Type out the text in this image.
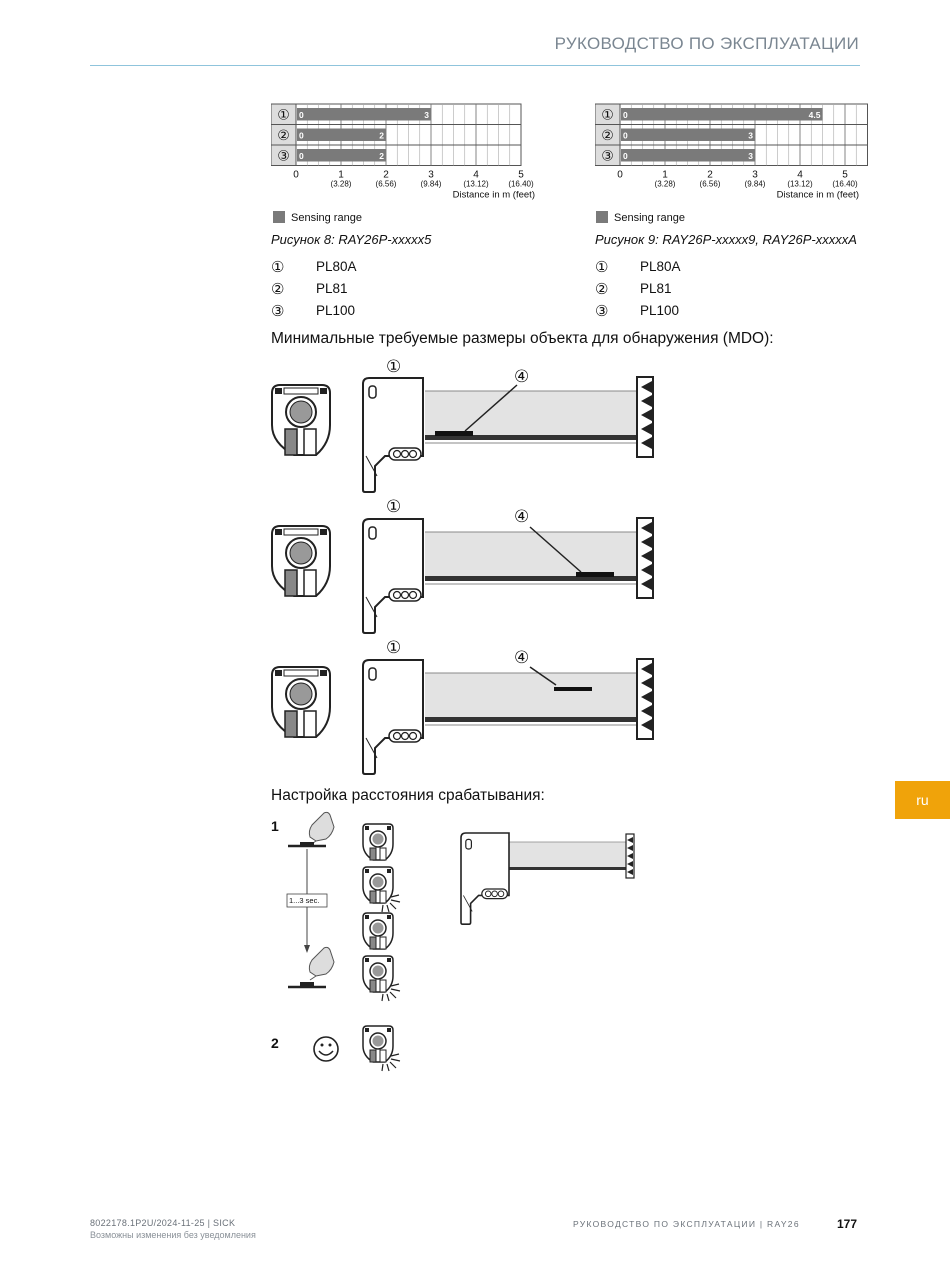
РУКОВОДСТВО ПО ЭКСПЛУАТАЦИИ
① 0	3
② 0	2
③ 0	2
0	1
(3.28)
2
(6.56)
3
(9.84)
4
(13.12)
5
(16.40)
Distance in m (feet)
① 0	4.5
② 0	3
③ 0	3
0	1
(3.28)
2
(6.56)
3
(9.84)
4
(13.12)
5
(16.40)
Distance in m (feet)
Sensing range	Sensing range
Рисунок 8: RAY26P-xxxxx5	Рисунок 9: RAY26P-xxxxx9, RAY26P-xxxxxA
① PL80A
② PL81
③ PL100
① PL80A
② PL81
③ PL100
Минимальные требуемые размеры объекта для обнаружения (MDO):
①
④
①
④
①
④
Настройка расстояния срабатывания:
1
2
1...3 sec.
ru
8022178.1P2U/2024-11-25 | SICK
Возможны изменения без уведомления
РУКОВОДСТВО ПО ЭКСПЛУАТАЦИИ | RAY26	177
